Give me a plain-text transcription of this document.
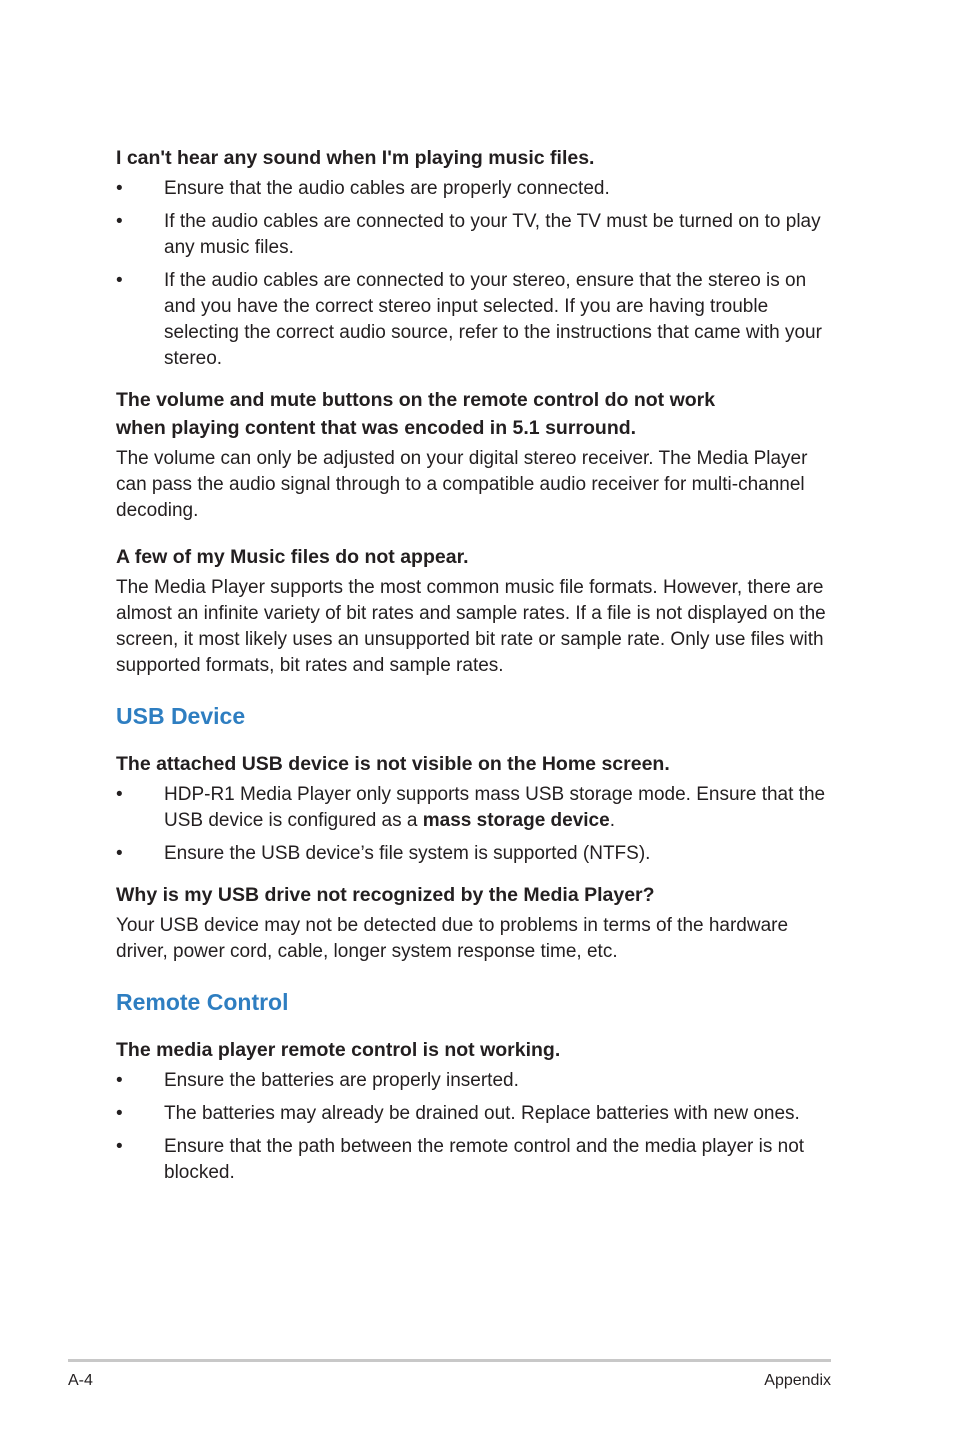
I can't hear any sound when I'm playing music files.
• Ensure that the audio cables are properly connected.
• If the audio cables are connected to your TV, the TV must be turned on to play any music files.
• If the audio cables are connected to your stereo, ensure that the stereo is on and you have the correct stereo input selected. If you are having trouble selecting the correct audio source, refer to the instructions that came with your stereo.
The volume and mute buttons on the remote control do not work
when playing content that was encoded in 5.1 surround.

The volume can only be adjusted on your digital stereo receiver. The Media Player can pass the audio signal through to a compatible audio receiver for multi-channel decoding.

A few of my Music files do not appear.

The Media Player supports the most common music file formats. However, there are almost an infinite variety of bit rates and sample rates. If a file is not displayed on the screen, it most likely uses an unsupported bit rate or sample rate. Only use files with supported formats, bit rates and sample rates.

USB Device
The attached USB device is not visible on the Home screen.
• HDP-R1 Media Player only supports mass USB storage mode. Ensure that the USB device is configured as a mass storage device.
• Ensure the USB device’s file system is supported (NTFS).
Why is my USB drive not recognized by the Media Player?

Your USB device may not be detected due to problems in terms of the hardware driver, power cord, cable, longer system response time, etc.

Remote Control
The media player remote control is not working.
• Ensure the batteries are properly inserted.
• The batteries may already be drained out. Replace batteries with new ones.
• Ensure that the path between the remote control and the media player is not blocked.
A-4	Appendix
